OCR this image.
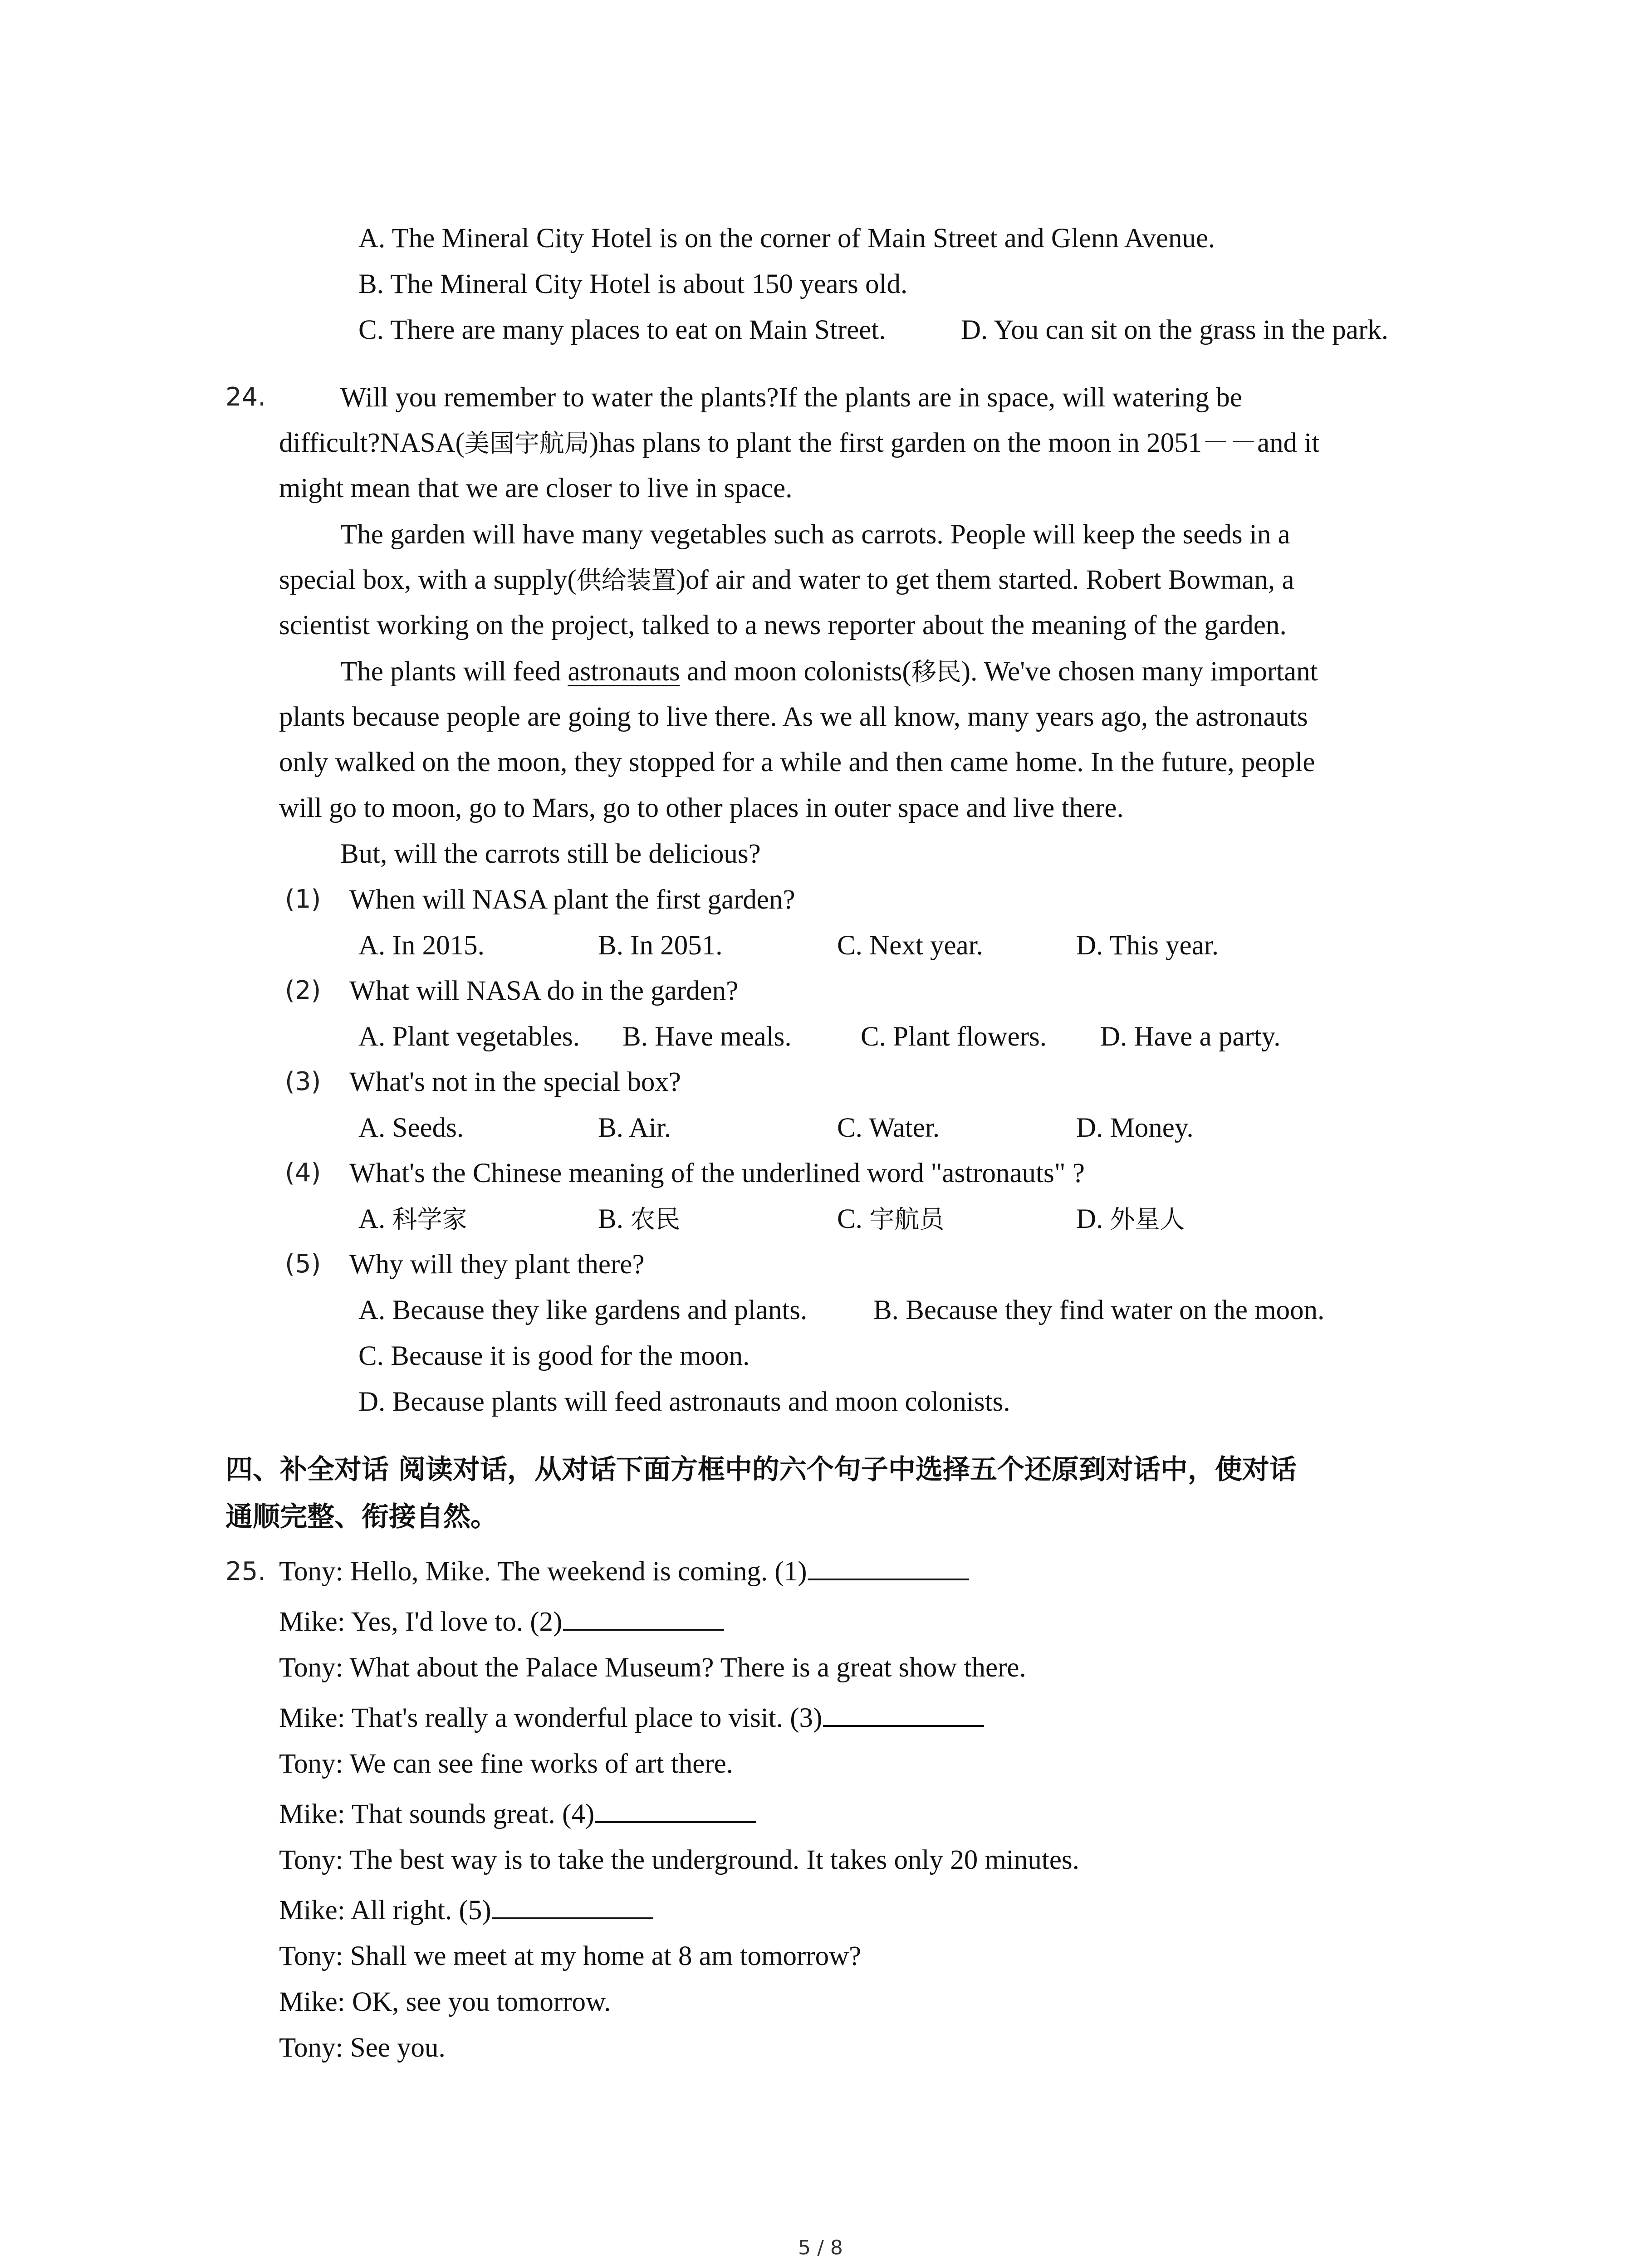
A. The Mineral City Hotel is on the corner of Main Street and Glenn Avenue.
B. The Mineral City Hotel is about 150 years old.
C. There are many places to eat on Main Street.	D. You can sit on the grass in the park.
24.	Will you remember to water the plants?If the plants are in space, will watering be
difficult?NASA(美国宇航局)has plans to plant the first garden on the moon in 2051－－and it
might mean that we are closer to live in space.
The garden will have many vegetables such as carrots. People will keep the seeds in a
special box, with a supply(供给装置)of air and water to get them started. Robert Bowman, a
scientist working on the project, talked to a news reporter about the meaning of the garden.
The plants will feed astronauts and moon colonists(移民). We've chosen many important
plants because people are going to live there. As we all know, many years ago, the astronauts
only walked on the moon, they stopped for a while and then came home. In the future, people
will go to moon, go to Mars, go to other places in outer space and live there.
But, will the carrots still be delicious?
(1) When will NASA plant the first garden?
A. In 2015.	B. In 2051.	C. Next year.	D. This year.
(2) What will NASA do in the garden?
A. Plant vegetables. B. Have meals. C. Plant flowers. D. Have a party.
(3) What's not in the special box?
A. Seeds.	B. Air.	C. Water.	D. Money.
(4) What's the Chinese meaning of the underlined word "astronauts" ?
A. 科学家	B. 农民	C. 宇航员	D. 外星人
(5) Why will they plant there?
A. Because they like gardens and plants. B. Because they find water on the moon.
C. Because it is good for the moon.
D. Because plants will feed astronauts and moon colonists.
四、补全对话 阅读对话，从对话下面方框中的六个句子中选择五个还原到对话中，使对话
通顺完整、衔接自然。
25. Tony: Hello, Mike. The weekend is coming. (1)
Mike: Yes, I'd love to. (2)
Tony: What about the Palace Museum? There is a great show there.
Mike: That's really a wonderful place to visit. (3)
Tony: We can see fine works of art there.
Mike: That sounds great. (4)
Tony: The best way is to take the underground. It takes only 20 minutes.
Mike: All right. (5)
Tony: Shall we meet at my home at 8 am tomorrow?
Mike: OK, see you tomorrow.
Tony: See you.
5 / 8
